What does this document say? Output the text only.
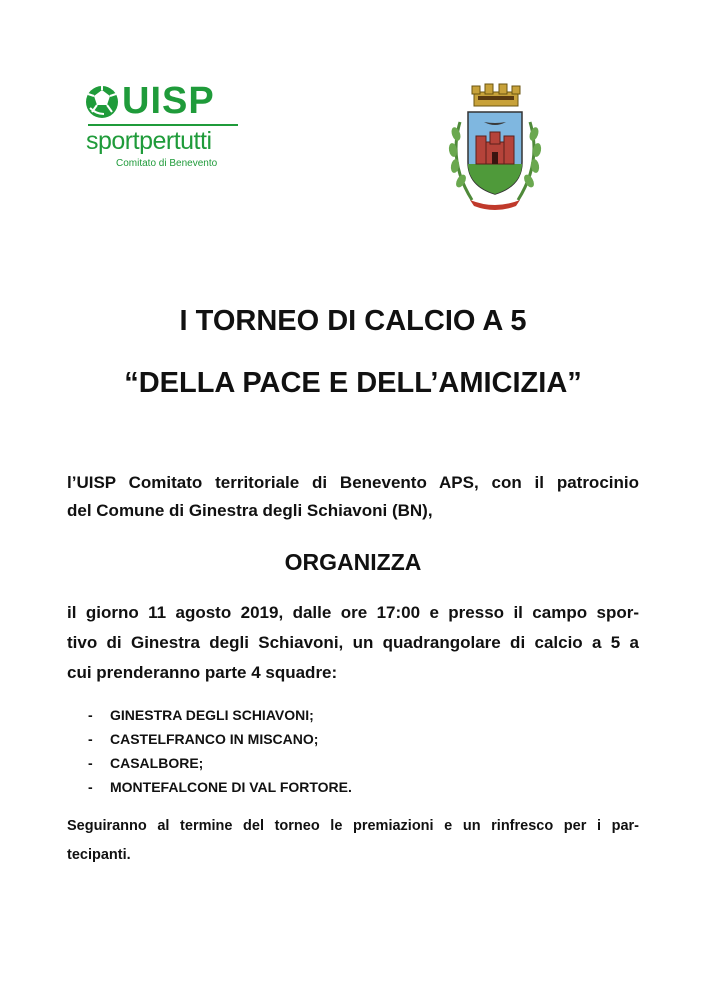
UISP
sportpertutti
Comitato di Benevento
I TORNEO DI CALCIO A 5
“DELLA PACE E DELL’AMICIZIA”

l’UISP Comitato territoriale di Benevento APS, con il patrocinio
del Comune di Ginestra degli Schiavoni (BN),

ORGANIZZA

il giorno 11 agosto 2019, dalle ore 17:00 e presso il campo spor-
tivo di Ginestra degli Schiavoni, un quadrangolare di calcio a 5 a
cui prenderanno parte 4 squadre:

- GINESTRA DEGLI SCHIAVONI;
- CASTELFRANCO IN MISCANO;
- CASALBORE;
- MONTEFALCONE DI VAL FORTORE.

Seguiranno al termine del torneo le premiazioni e un rinfresco per i par-
tecipanti.
